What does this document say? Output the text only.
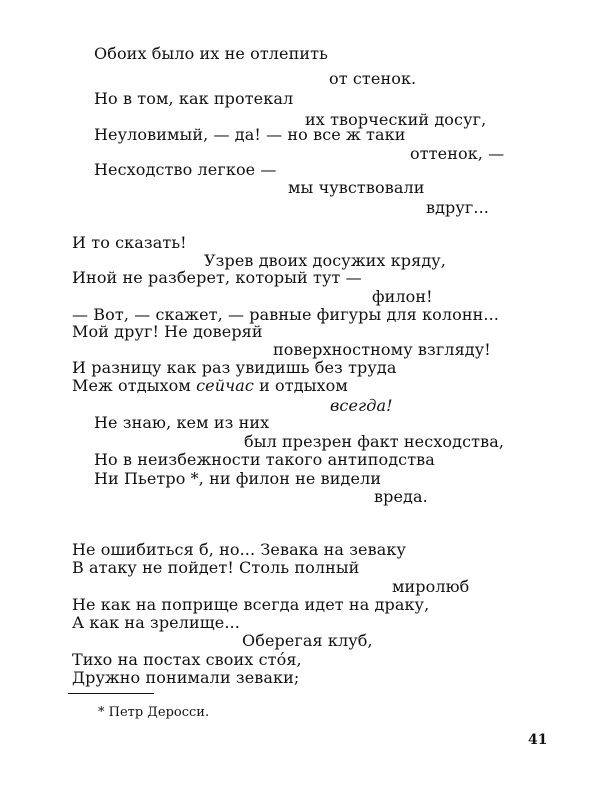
Обоих было их не отлепить
от стенок.
Но в том, как протекал
их творческий досуг,
Неуловимый, — да! — но все ж таки
оттенок, —
Несходство легкое —
мы чувствовали
вдруг...
И то сказать!
Узрев двоих досужих кряду,
Иной не разберет, который тут —
филон!
— Вот, — скажет, — равные фигуры для колонн...
Мой друг! Не доверяй
поверхностному взгляду!
И разницу как раз увидишь без труда
Меж отдыхом сейчас и отдыхом
всегда!
Не знаю, кем из них
был презрен факт несходства,
Но в неизбежности такого антиподства
Ни Пьетро *, ни филон не видели
вреда.
Не ошибиться б, но... Зевака на зеваку
В атаку не пойдет! Столь полный
миролюб
Не как на поприще всегда идет на драку,
А как на зрелище...
Оберегая клуб,
Тихо на постах своих стóя,
Дружно понимали зеваки;
* Петр Деросси.
41
